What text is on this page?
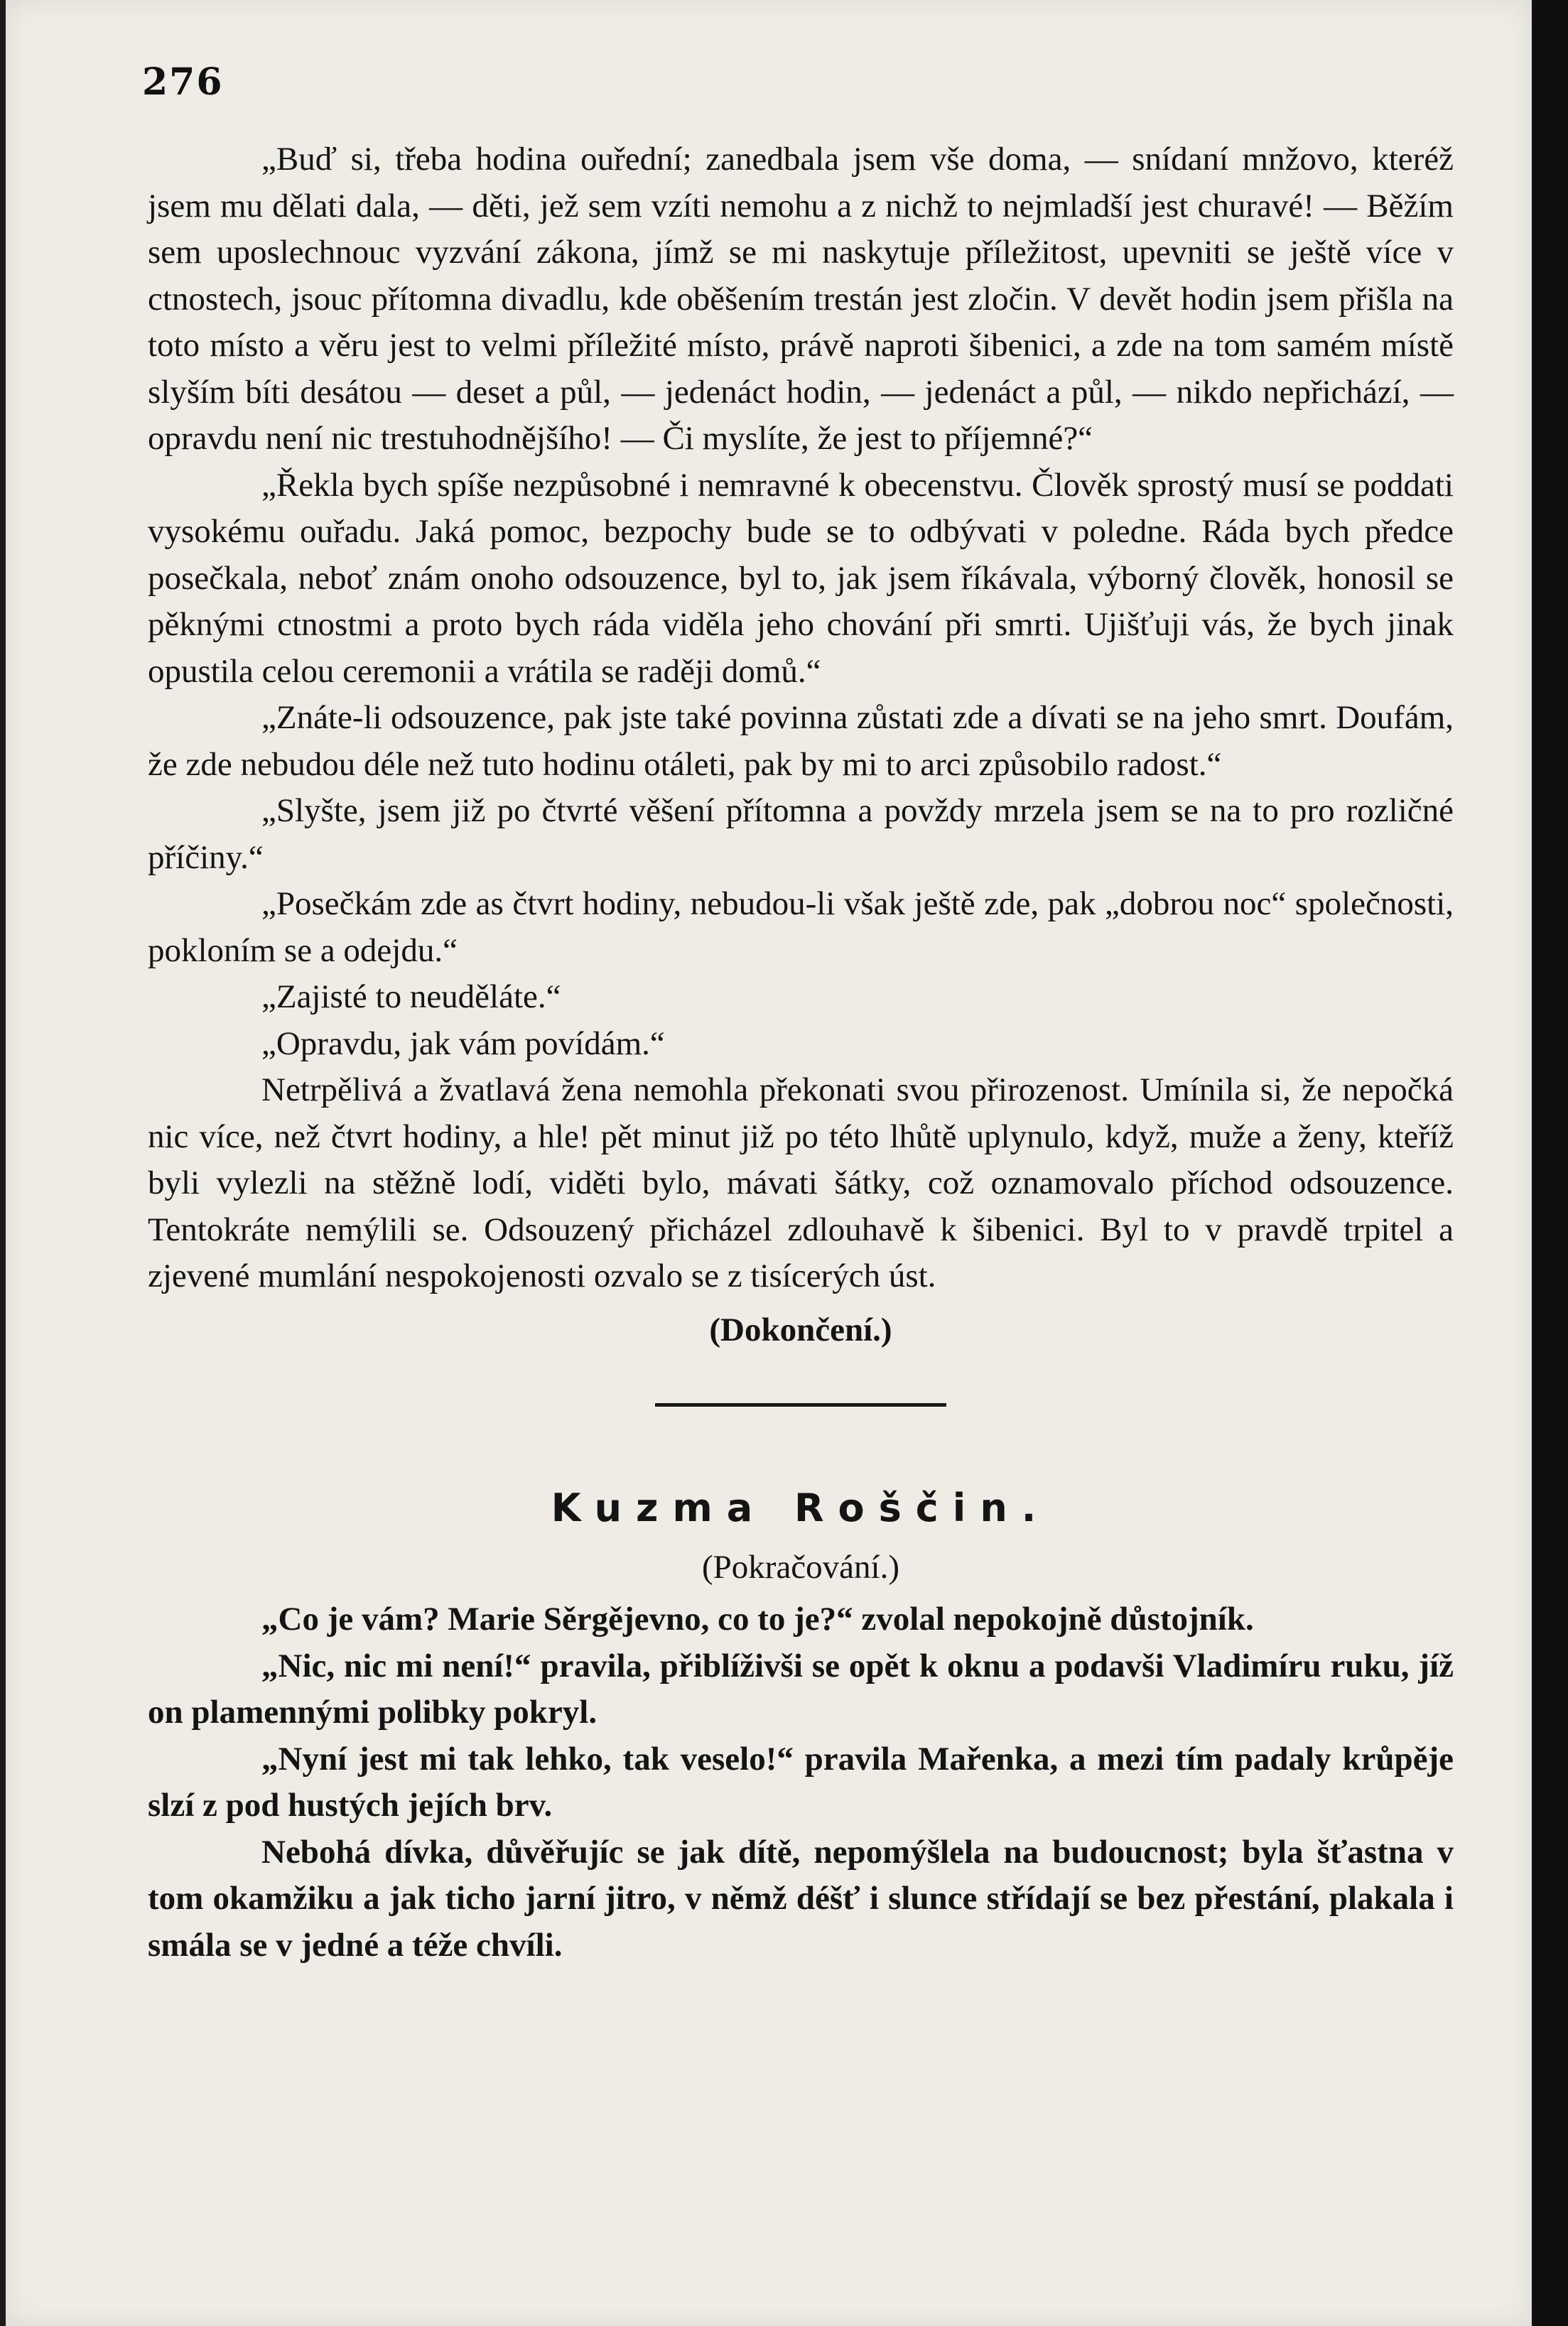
276

„Buď si, třeba hodina ouřední; zanedbala jsem vše doma, — snídaní mnžovo, kteréž jsem mu dělati dala, — děti, jež sem vzíti nemohu a z nichž to nejmladší jest churavé! — Běžím sem uposlechnouc vyzvání zákona, jímž se mi naskytuje příležitost, upevniti se ještě více v ctnostech, jsouc přítomna divadlu, kde oběšením trestán jest zločin. V devět hodin jsem přišla na toto místo a věru jest to velmi příležité místo, právě naproti šibenici, a zde na tom samém místě slyším bíti desátou — deset a půl, — jedenáct hodin, — jedenáct a půl, — nikdo nepřichází, — opravdu není nic trestuhodnějšího! — Či myslíte, že jest to příjemné?“

„Řekla bych spíše nezpůsobné i nemravné k obecenstvu. Člověk sprostý musí se poddati vysokému ouřadu. Jaká pomoc, bezpochy bude se to odbývati v poledne. Ráda bych předce posečkala, neboť znám onoho odsouzence, byl to, jak jsem říkávala, výborný člověk, honosil se pěknými ctnostmi a proto bych ráda viděla jeho chování při smrti. Ujišťuji vás, že bych jinak opustila celou ceremonii a vrátila se raději domů.“

„Znáte-li odsouzence, pak jste také povinna zůstati zde a dívati se na jeho smrt. Doufám, že zde nebudou déle než tuto hodinu otáleti, pak by mi to arci způsobilo radost.“

„Slyšte, jsem již po čtvrté věšení přítomna a povždy mrzela jsem se na to pro rozličné příčiny.“

„Posečkám zde as čtvrt hodiny, nebudou-li však ještě zde, pak „dobrou noc“ společnosti, pokloním se a odejdu.“

„Zajisté to neuděláte.“

„Opravdu, jak vám povídám.“

Netrpělivá a žvatlavá žena nemohla překonati svou přirozenost. Umínila si, že nepočká nic více, než čtvrt hodiny, a hle! pět minut již po této lhůtě uplynulo, když, muže a ženy, kteříž byli vylezli na stěžně lodí, viděti bylo, mávati šátky, což oznamovalo příchod odsouzence. Tentokráte nemýlili se. Odsouzený přicházel zdlouhavě k šibenici. Byl to v pravdě trpitel a zjevené mumlání nespokojenosti ozvalo se z tisícerých úst.

(Dokončení.)

Kuzma Roščin.

(Pokračování.)

„Co je vám? Marie Sěrgějevno, co to je?“ zvolal nepokojně důstojník.

„Nic, nic mi není!“ pravila, přiblíživši se opět k oknu a podavši Vladimíru ruku, jíž on plamennými polibky pokryl.

„Nyní jest mi tak lehko, tak veselo!“ pravila Mařenka, a mezi tím padaly krůpěje slzí z pod hustých jejích brv.

Nebohá dívka, důvěřujíc se jak dítě, nepomýšlela na budoucnost; byla šťastna v tom okamžiku a jak ticho jarní jitro, v němž déšť i slunce střídají se bez přestání, plakala i smála se v jedné a téže chvíli.
